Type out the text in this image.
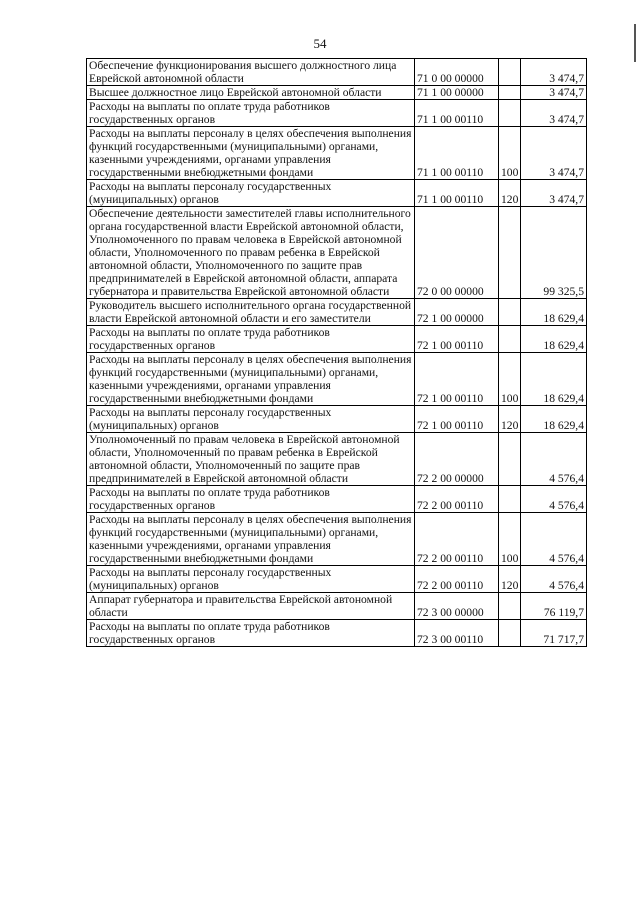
54
Обеспечение функционирования высшего должностного лица Еврейской автономной области	71 0 00 00000		3 474,7
Высшее должностное лицо Еврейской автономной области	71 1 00 00000		3 474,7
Расходы на выплаты по оплате труда работников государственных органов	71 1 00 00110		3 474,7
Расходы на выплаты персоналу в целях обеспечения выполнения функций государственными (муниципальными) органами, казенными учреждениями, органами управления государственными внебюджетными фондами	71 1 00 00110	100	3 474,7
Расходы на выплаты персоналу государственных (муниципальных) органов	71 1 00 00110	120	3 474,7
Обеспечение деятельности заместителей главы исполнительного органа государственной власти Еврейской автономной области, Уполномоченного по правам человека в Еврейской автономной области, Уполномоченного по правам ребенка в Еврейской автономной области, Уполномоченного по защите прав предпринимателей в Еврейской автономной области, аппарата губернатора и правительства Еврейской автономной области	72 0 00 00000		99 325,5
Руководитель высшего исполнительного органа государственной власти Еврейской автономной области и его заместители	72 1 00 00000		18 629,4
Расходы на выплаты по оплате труда работников государственных органов	72 1 00 00110		18 629,4
Расходы на выплаты персоналу в целях обеспечения выполнения функций государственными (муниципальными) органами, казенными учреждениями, органами управления государственными внебюджетными фондами	72 1 00 00110	100	18 629,4
Расходы на выплаты персоналу государственных (муниципальных) органов	72 1 00 00110	120	18 629,4
Уполномоченный по правам человека в Еврейской автономной области, Уполномоченный по правам ребенка в Еврейской автономной области, Уполномоченный по защите прав предпринимателей в Еврейской автономной области	72 2 00 00000		4 576,4
Расходы на выплаты по оплате труда работников государственных органов	72 2 00 00110		4 576,4
Расходы на выплаты персоналу в целях обеспечения выполнения функций государственными (муниципальными) органами, казенными учреждениями, органами управления государственными внебюджетными фондами	72 2 00 00110	100	4 576,4
Расходы на выплаты персоналу государственных (муниципальных) органов	72 2 00 00110	120	4 576,4
Аппарат губернатора и правительства Еврейской автономной области	72 3 00 00000		76 119,7
Расходы на выплаты по оплате труда работников государственных органов	72 3 00 00110		71 717,7
